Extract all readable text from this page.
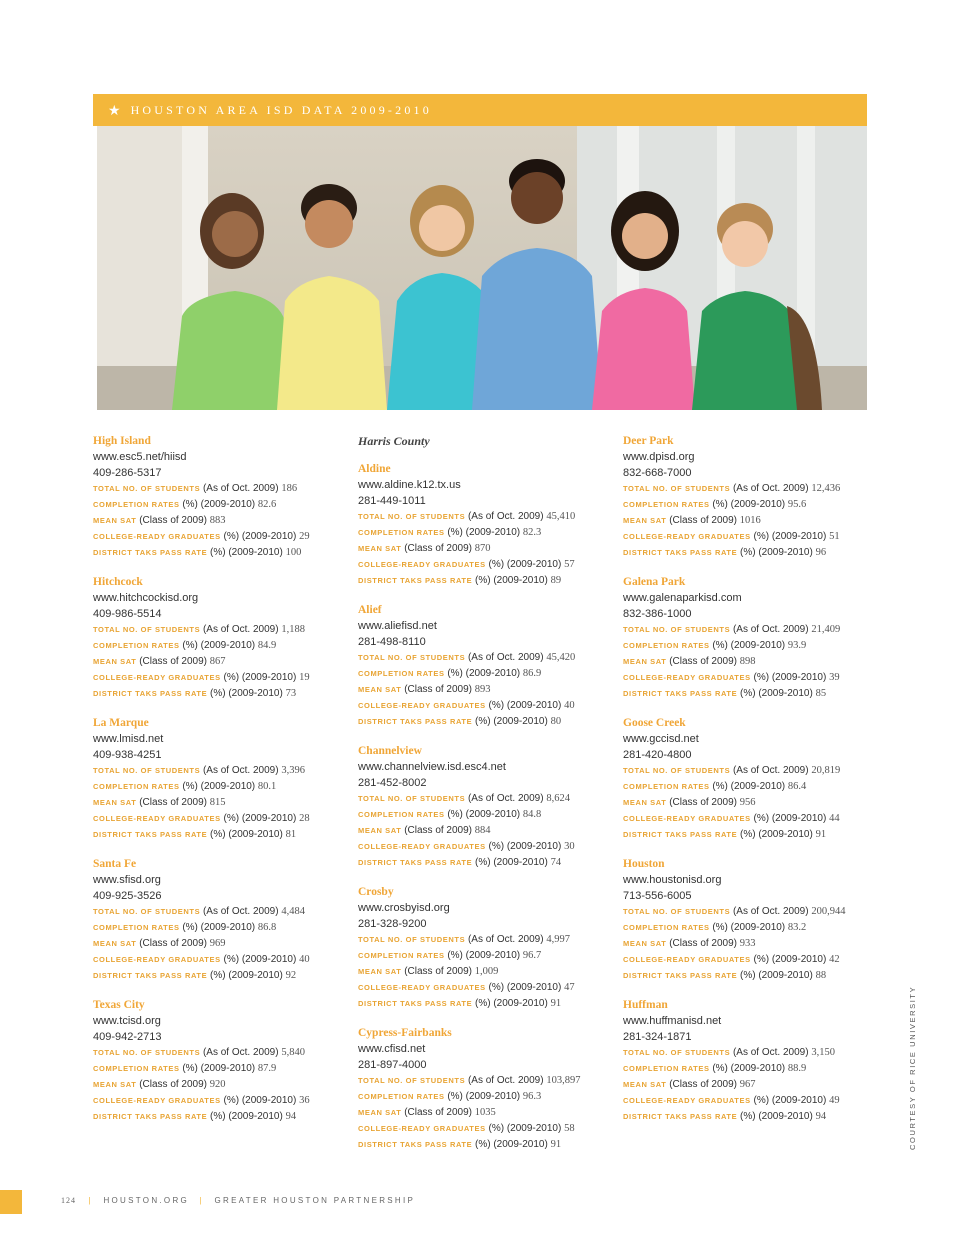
★ HOUSTON AREA ISD DATA 2009-2010
High Island
www.esc5.net/hiisd
409-286-5317
TOTAL NO. OF STUDENTS (As of Oct. 2009) 186
COMPLETION RATES (%) (2009-2010) 82.6
MEAN SAT (Class of 2009) 883
COLLEGE-READY GRADUATES (%) (2009-2010) 29
DISTRICT TAKS PASS RATE (%) (2009-2010) 100
Hitchcock
www.hitchcockisd.org
409-986-5514
TOTAL NO. OF STUDENTS (As of Oct. 2009) 1,188
COMPLETION RATES (%) (2009-2010) 84.9
MEAN SAT (Class of 2009) 867
COLLEGE-READY GRADUATES (%) (2009-2010) 19
DISTRICT TAKS PASS RATE (%) (2009-2010) 73
La Marque
www.lmisd.net
409-938-4251
TOTAL NO. OF STUDENTS (As of Oct. 2009) 3,396
COMPLETION RATES (%) (2009-2010) 80.1
MEAN SAT (Class of 2009) 815
COLLEGE-READY GRADUATES (%) (2009-2010) 28
DISTRICT TAKS PASS RATE (%) (2009-2010) 81
Santa Fe
www.sfisd.org
409-925-3526
TOTAL NO. OF STUDENTS (As of Oct. 2009) 4,484
COMPLETION RATES (%) (2009-2010) 86.8
MEAN SAT (Class of 2009) 969
COLLEGE-READY GRADUATES (%) (2009-2010) 40
DISTRICT TAKS PASS RATE (%) (2009-2010) 92
Texas City
www.tcisd.org
409-942-2713
TOTAL NO. OF STUDENTS (As of Oct. 2009) 5,840
COMPLETION RATES (%) (2009-2010) 87.9
MEAN SAT (Class of 2009) 920
COLLEGE-READY GRADUATES (%) (2009-2010) 36
DISTRICT TAKS PASS RATE (%) (2009-2010) 94
Harris County
Aldine
www.aldine.k12.tx.us
281-449-1011
TOTAL NO. OF STUDENTS (As of Oct. 2009) 45,410
COMPLETION RATES (%) (2009-2010) 82.3
MEAN SAT (Class of 2009) 870
COLLEGE-READY GRADUATES (%) (2009-2010) 57
DISTRICT TAKS PASS RATE (%) (2009-2010) 89
Alief
www.aliefisd.net
281-498-8110
TOTAL NO. OF STUDENTS (As of Oct. 2009) 45,420
COMPLETION RATES (%) (2009-2010) 86.9
MEAN SAT (Class of 2009) 893
COLLEGE-READY GRADUATES (%) (2009-2010) 40
DISTRICT TAKS PASS RATE (%) (2009-2010) 80
Channelview
www.channelview.isd.esc4.net
281-452-8002
TOTAL NO. OF STUDENTS (As of Oct. 2009) 8,624
COMPLETION RATES (%) (2009-2010) 84.8
MEAN SAT (Class of 2009) 884
COLLEGE-READY GRADUATES (%) (2009-2010) 30
DISTRICT TAKS PASS RATE (%) (2009-2010) 74
Crosby
www.crosbyisd.org
281-328-9200
TOTAL NO. OF STUDENTS (As of Oct. 2009) 4,997
COMPLETION RATES (%) (2009-2010) 96.7
MEAN SAT (Class of 2009) 1,009
COLLEGE-READY GRADUATES (%) (2009-2010) 47
DISTRICT TAKS PASS RATE (%) (2009-2010) 91
Cypress-Fairbanks
www.cfisd.net
281-897-4000
TOTAL NO. OF STUDENTS (As of Oct. 2009) 103,897
COMPLETION RATES (%) (2009-2010) 96.3
MEAN SAT (Class of 2009) 1035
COLLEGE-READY GRADUATES (%) (2009-2010) 58
DISTRICT TAKS PASS RATE (%) (2009-2010) 91
Deer Park
www.dpisd.org
832-668-7000
TOTAL NO. OF STUDENTS (As of Oct. 2009) 12,436
COMPLETION RATES (%) (2009-2010) 95.6
MEAN SAT (Class of 2009) 1016
COLLEGE-READY GRADUATES (%) (2009-2010) 51
DISTRICT TAKS PASS RATE (%) (2009-2010) 96
Galena Park
www.galenaparkisd.com
832-386-1000
TOTAL NO. OF STUDENTS (As of Oct. 2009) 21,409
COMPLETION RATES (%) (2009-2010) 93.9
MEAN SAT (Class of 2009) 898
COLLEGE-READY GRADUATES (%) (2009-2010) 39
DISTRICT TAKS PASS RATE (%) (2009-2010) 85
Goose Creek
www.gccisd.net
281-420-4800
TOTAL NO. OF STUDENTS (As of Oct. 2009) 20,819
COMPLETION RATES (%) (2009-2010) 86.4
MEAN SAT (Class of 2009) 956
COLLEGE-READY GRADUATES (%) (2009-2010) 44
DISTRICT TAKS PASS RATE (%) (2009-2010) 91
Houston
www.houstonisd.org
713-556-6005
TOTAL NO. OF STUDENTS (As of Oct. 2009) 200,944
COMPLETION RATES (%) (2009-2010) 83.2
MEAN SAT (Class of 2009) 933
COLLEGE-READY GRADUATES (%) (2009-2010) 42
DISTRICT TAKS PASS RATE (%) (2009-2010) 88
Huffman
www.huffmanisd.net
281-324-1871
TOTAL NO. OF STUDENTS (As of Oct. 2009) 3,150
COMPLETION RATES (%) (2009-2010) 88.9
MEAN SAT (Class of 2009) 967
COLLEGE-READY GRADUATES (%) (2009-2010) 49
DISTRICT TAKS PASS RATE (%) (2009-2010) 94	COURTESY OF RICE UNIVERSITY
124 | HOUSTON.ORG | GREATER HOUSTON PARTNERSHIP
